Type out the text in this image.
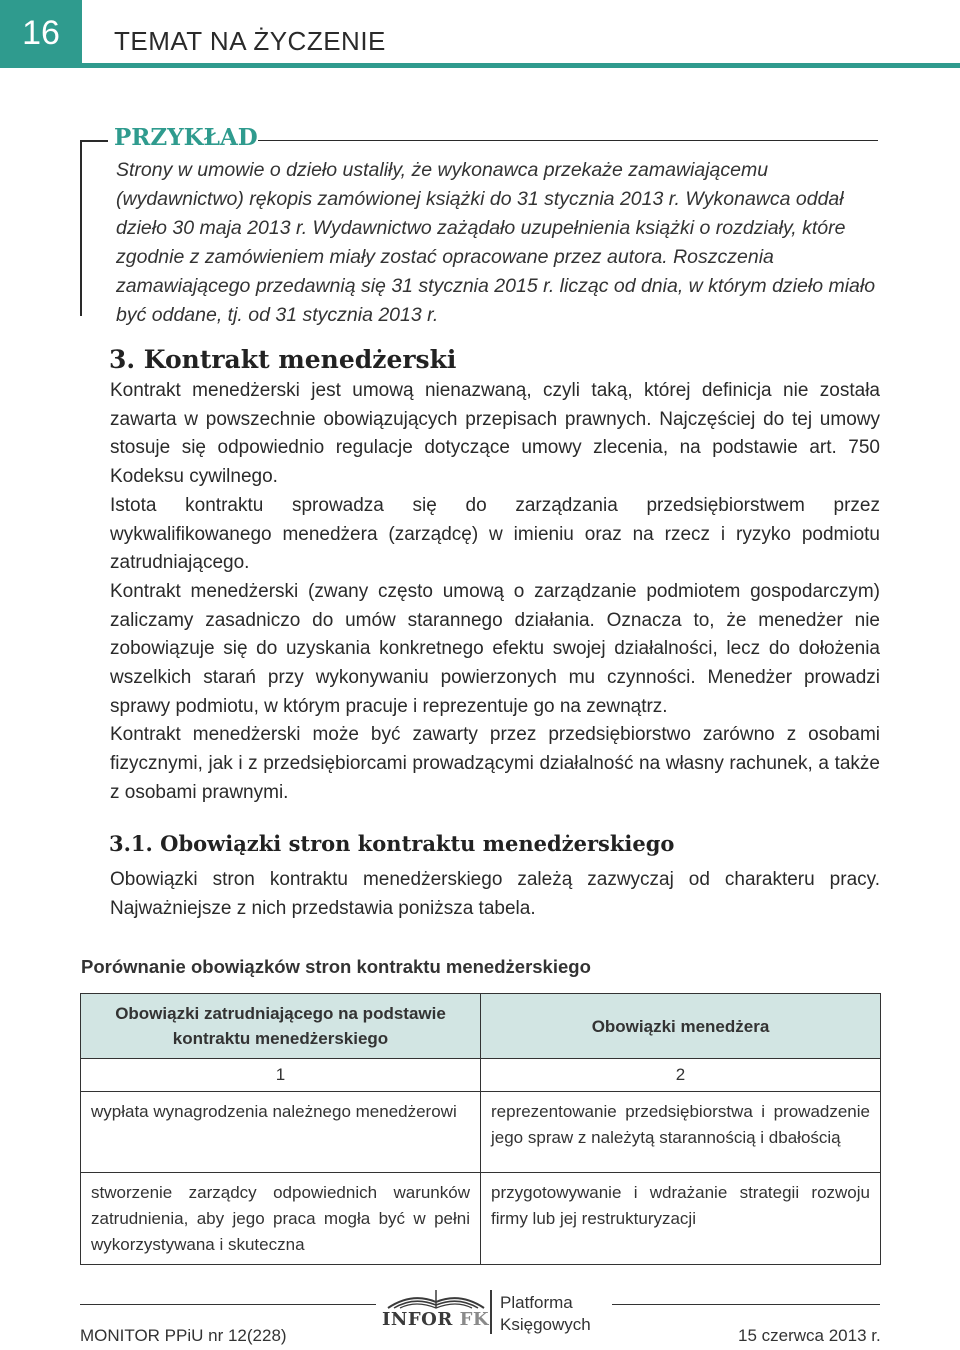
16	TEMAT NA ŻYCZENIE
PRZYKŁAD

Strony w umowie o dzieło ustaliły, że wykonawca przekaże zamawiającemu (wydawnictwo) rękopis zamówionej książki do 31 stycznia 2013 r. Wykonawca oddał dzieło 30 maja 2013 r. Wydawnictwo zażądało uzupełnienia książki o rozdziały, które zgodnie z zamówieniem miały zostać opracowane przez autora. Roszczenia zamawiającego przedawnią się 31 stycznia 2015 r. licząc od dnia, w którym dzieło miało być oddane, tj. od 31 stycznia 2013 r.

3. Kontrakt menedżerski
Kontrakt menedżerski jest umową nienazwaną, czyli taką, której definicja nie została zawarta w powszechnie obowiązujących przepisach prawnych. Najczęściej do tej umowy stosuje się odpowiednio regulacje dotyczące umowy zlecenia, na podstawie art. 750 Kodeksu cywilnego.
Istota kontraktu sprowadza się do zarządzania przedsiębiorstwem przez wykwalifikowanego menedżera (zarządcę) w imieniu oraz na rzecz i ryzyko podmiotu zatrudniającego.
Kontrakt menedżerski (zwany często umową o zarządzanie podmiotem gospodarczym) zaliczamy zasadniczo do umów starannego działania. Oznacza to, że menedżer nie zobowiązuje się do uzyskania konkretnego efektu swojej działalności, lecz do dołożenia wszelkich starań przy wykonywaniu powierzonych mu czynności. Menedżer prowadzi sprawy podmiotu, w którym pracuje i reprezentuje go na zewnątrz.
Kontrakt menedżerski może być zawarty przez przedsiębiorstwo zarówno z osobami fizycznymi, jak i z przedsiębiorcami prowadzącymi działalność na własny rachunek, a także z osobami prawnymi.
3.1. Obowiązki stron kontraktu menedżerskiego
Obowiązki stron kontraktu menedżerskiego zależą zazwyczaj od charakteru pracy. Najważniejsze z nich przedstawia poniższa tabela.
Porównanie obowiązków stron kontraktu menedżerskiego
Obowiązki zatrudniającego na podstawie kontraktu menedżerskiego	Obowiązki menedżera
1	2
wypłata wynagrodzenia należnego menedżerowi	reprezentowanie przedsiębiorstwa i prowadzenie jego spraw z należytą starannością i dbałością
stworzenie zarządcy odpowiednich warunków zatrudnienia, aby jego praca mogła być w pełni wykorzystywana i skuteczna	przygotowywanie i wdrażanie strategii rozwoju firmy lub jej restrukturyzacji
INFOR FK
Platforma
Księgowych
MONITOR PPiU nr 12(228)	15 czerwca 2013 r.
